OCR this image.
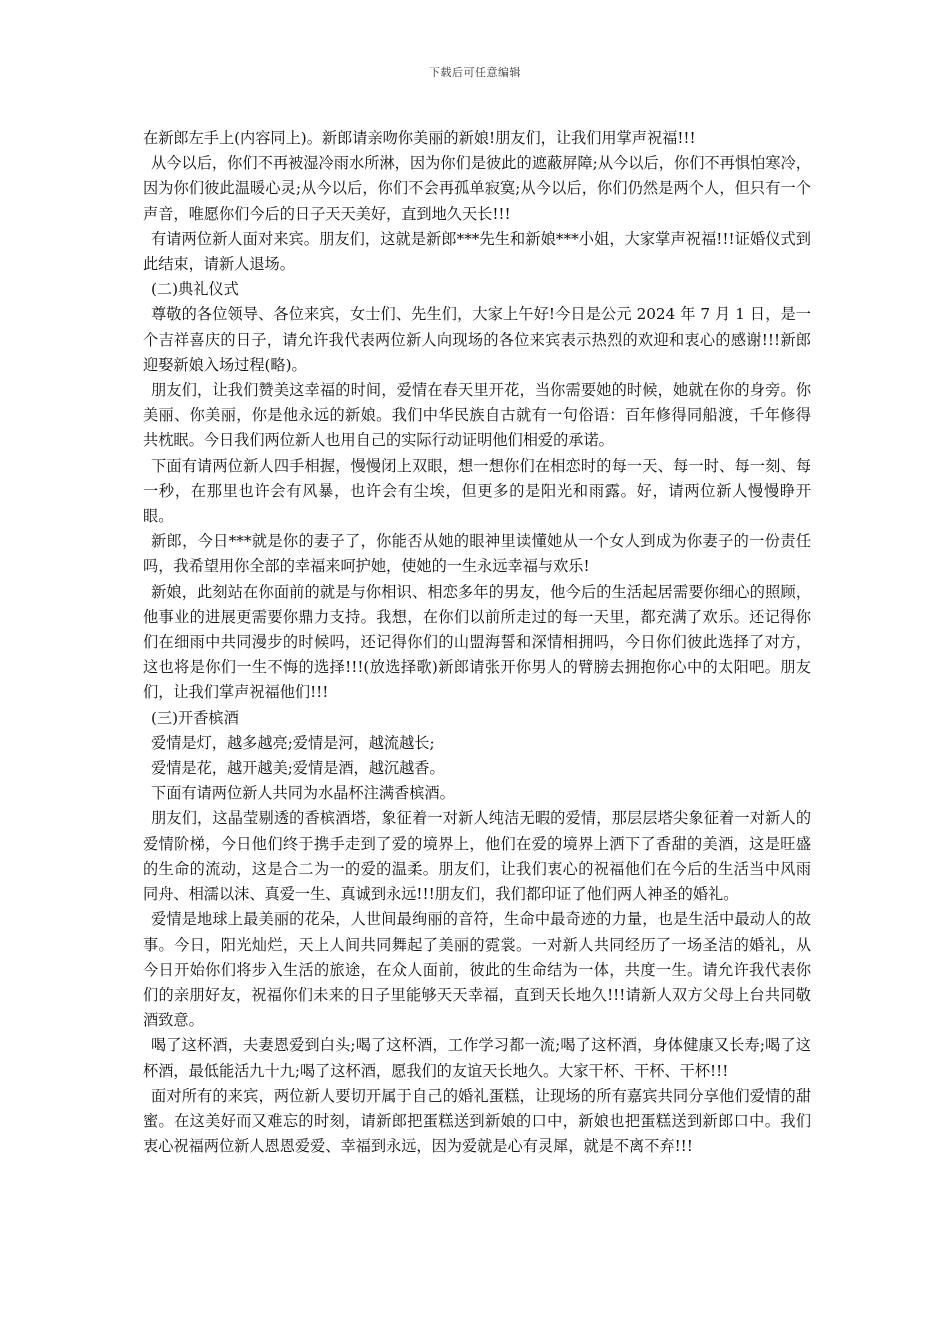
下载后可任意编辑

在新郎左手上(内容同上)。新郎请亲吻你美丽的新娘!朋友们，让我们用掌声祝福!!!

从今以后，你们不再被湿冷雨水所淋，因为你们是彼此的遮蔽屏障;从今以后，你们不再惧怕寒冷，因为你们彼此温暖心灵;从今以后，你们不会再孤单寂寞;从今以后，你们仍然是两个人，但只有一个声音，唯愿你们今后的日子天天美好，直到地久天长!!!

有请两位新人面对来宾。朋友们，这就是新郎***先生和新娘***小姐，大家掌声祝福!!!证婚仪式到此结束，请新人退场。

(二)典礼仪式

尊敬的各位领导、各位来宾，女士们、先生们，大家上午好!今日是公元 2024 年 7 月 1 日，是一个吉祥喜庆的日子，请允许我代表两位新人向现场的各位来宾表示热烈的欢迎和衷心的感谢!!!新郎迎娶新娘入场过程(略)。

朋友们，让我们赞美这幸福的时间，爱情在春天里开花，当你需要她的时候，她就在你的身旁。你美丽、你美丽，你是他永远的新娘。我们中华民族自古就有一句俗语：百年修得同船渡，千年修得共枕眠。今日我们两位新人也用自己的实际行动证明他们相爱的承诺。

下面有请两位新人四手相握，慢慢闭上双眼，想一想你们在相恋时的每一天、每一时、每一刻、每一秒，在那里也许会有风暴，也许会有尘埃，但更多的是阳光和雨露。好，请两位新人慢慢睁开眼。

新郎，今日***就是你的妻子了，你能否从她的眼神里读懂她从一个女人到成为你妻子的一份责任吗，我希望用你全部的幸福来呵护她，使她的一生永远幸福与欢乐!

新娘，此刻站在你面前的就是与你相识、相恋多年的男友，他今后的生活起居需要你细心的照顾，他事业的进展更需要你鼎力支持。我想，在你们以前所走过的每一天里，都充满了欢乐。还记得你们在细雨中共同漫步的时候吗，还记得你们的山盟海誓和深情相拥吗，今日你们彼此选择了对方，这也将是你们一生不悔的选择!!!(放选择歌)新郎请张开你男人的臂膀去拥抱你心中的太阳吧。朋友们，让我们掌声祝福他们!!!

(三)开香槟酒

爱情是灯，越多越亮;爱情是河，越流越长;

爱情是花，越开越美;爱情是酒，越沉越香。

下面有请两位新人共同为水晶杯注满香槟酒。

朋友们，这晶莹剔透的香槟酒塔，象征着一对新人纯洁无暇的爱情，那层层塔尖象征着一对新人的爱情阶梯，今日他们终于携手走到了爱的境界上，他们在爱的境界上洒下了香甜的美酒，这是旺盛的生命的流动，这是合二为一的爱的温柔。朋友们，让我们衷心的祝福他们在今后的生活当中风雨同舟、相濡以沫、真爱一生、真诚到永远!!!朋友们，我们都印证了他们两人神圣的婚礼。

爱情是地球上最美丽的花朵，人世间最绚丽的音符，生命中最奇迹的力量，也是生活中最动人的故事。今日，阳光灿烂，天上人间共同舞起了美丽的霓裳。一对新人共同经历了一场圣洁的婚礼，从今日开始你们将步入生活的旅途，在众人面前，彼此的生命结为一体，共度一生。请允许我代表你们的亲朋好友，祝福你们未来的日子里能够天天幸福，直到天长地久!!!请新人双方父母上台共同敬酒致意。

喝了这杯酒，夫妻恩爱到白头;喝了这杯酒，工作学习都一流;喝了这杯酒，身体健康又长寿;喝了这杯酒，最低能活九十九;喝了这杯酒，愿我们的友谊天长地久。大家干杯、干杯、干杯!!!

面对所有的来宾，两位新人要切开属于自己的婚礼蛋糕，让现场的所有嘉宾共同分享他们爱情的甜蜜。在这美好而又难忘的时刻，请新郎把蛋糕送到新娘的口中，新娘也把蛋糕送到新郎口中。我们衷心祝福两位新人恩恩爱爱、幸福到永远，因为爱就是心有灵犀，就是不离不弃!!!
